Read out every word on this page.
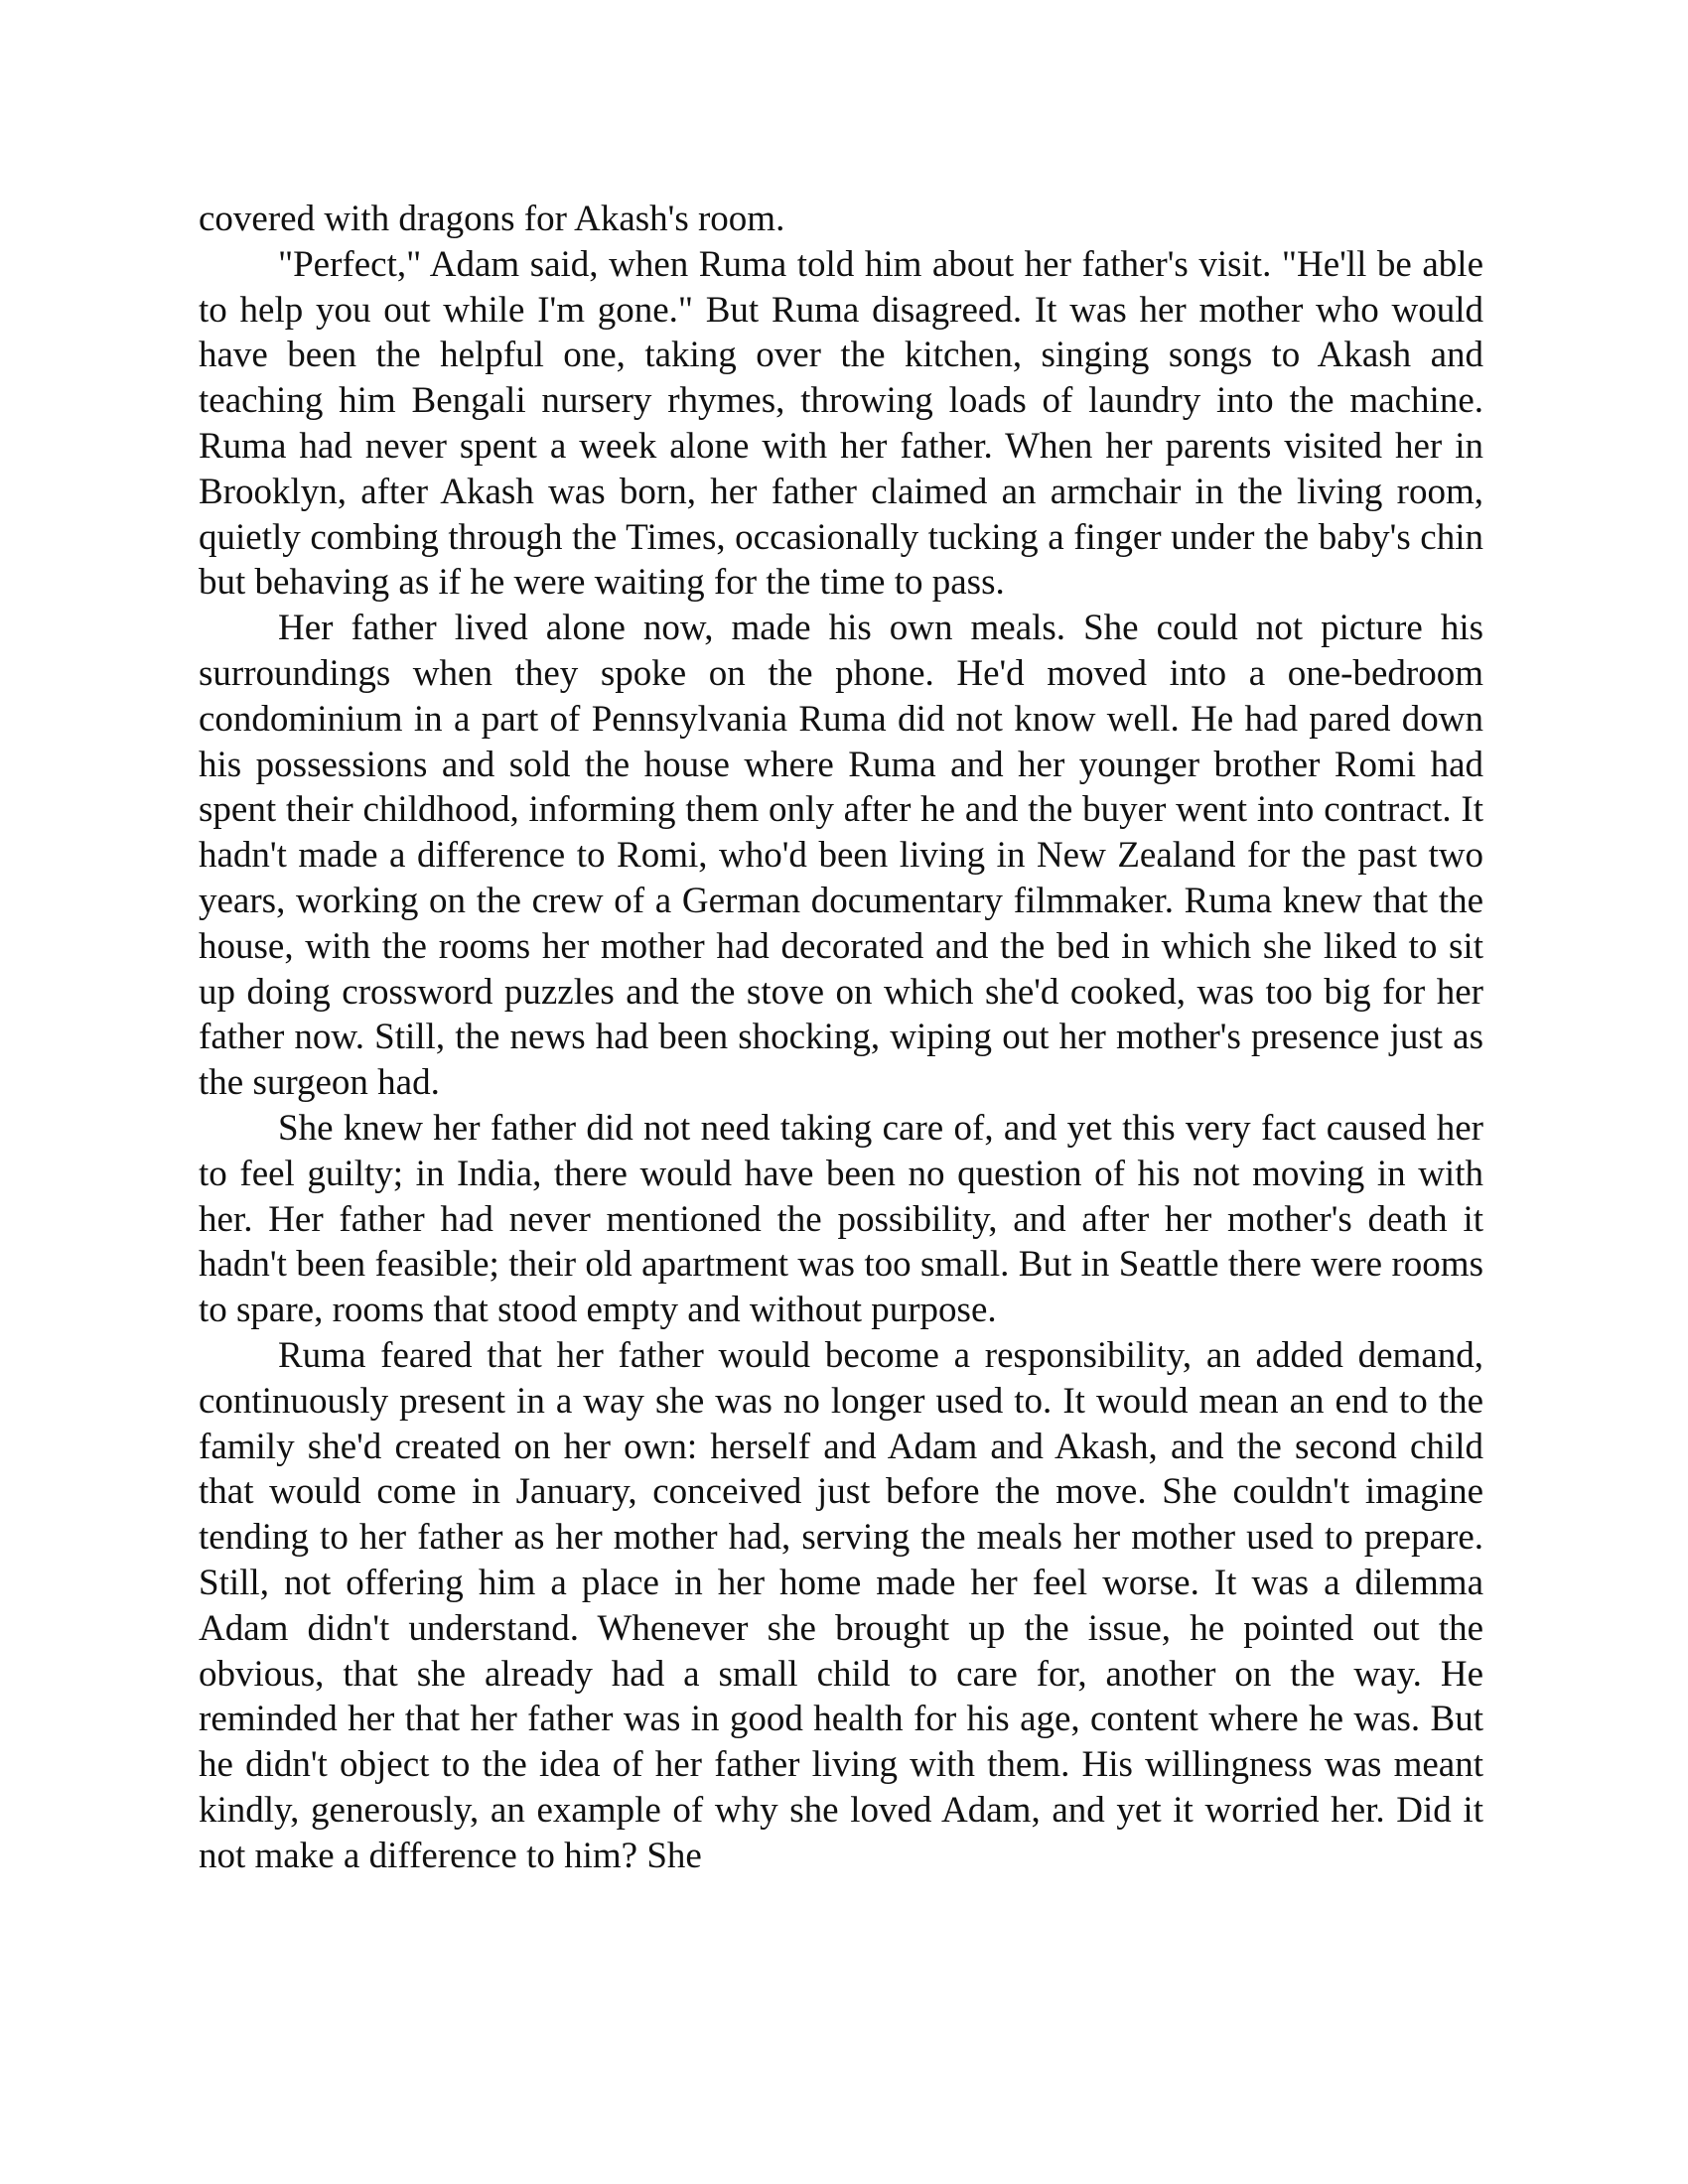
covered with dragons for Akash's room.

"Perfect," Adam said, when Ruma told him about her father's visit. "He'll be able to help you out while I'm gone." But Ruma disagreed. It was her mother who would have been the helpful one, taking over the kitchen, singing songs to Akash and teaching him Bengali nursery rhymes, throwing loads of laundry into the machine. Ruma had never spent a week alone with her father. When her parents visited her in Brooklyn, after Akash was born, her father claimed an armchair in the living room, quietly combing through the Times, occasionally tucking a finger under the baby's chin but behaving as if he were waiting for the time to pass.

Her father lived alone now, made his own meals. She could not picture his surroundings when they spoke on the phone. He'd moved into a one-bedroom condominium in a part of Pennsylvania Ruma did not know well. He had pared down his possessions and sold the house where Ruma and her younger brother Romi had spent their childhood, informing them only after he and the buyer went into contract. It hadn't made a difference to Romi, who'd been living in New Zealand for the past two years, working on the crew of a German documentary filmmaker. Ruma knew that the house, with the rooms her mother had decorated and the bed in which she liked to sit up doing crossword puzzles and the stove on which she'd cooked, was too big for her father now. Still, the news had been shocking, wiping out her mother's presence just as the surgeon had.

She knew her father did not need taking care of, and yet this very fact caused her to feel guilty; in India, there would have been no question of his not moving in with her. Her father had never mentioned the possibility, and after her mother's death it hadn't been feasible; their old apartment was too small. But in Seattle there were rooms to spare, rooms that stood empty and without purpose.

Ruma feared that her father would become a responsibility, an added demand, continuously present in a way she was no longer used to. It would mean an end to the family she'd created on her own: herself and Adam and Akash, and the second child that would come in January, conceived just before the move. She couldn't imagine tending to her father as her mother had, serving the meals her mother used to prepare. Still, not offering him a place in her home made her feel worse. It was a dilemma Adam didn't understand. Whenever she brought up the issue, he pointed out the obvious, that she already had a small child to care for, another on the way. He reminded her that her father was in good health for his age, content where he was. But he didn't object to the idea of her father living with them. His willingness was meant kindly, generously, an example of why she loved Adam, and yet it worried her. Did it not make a difference to him? She
